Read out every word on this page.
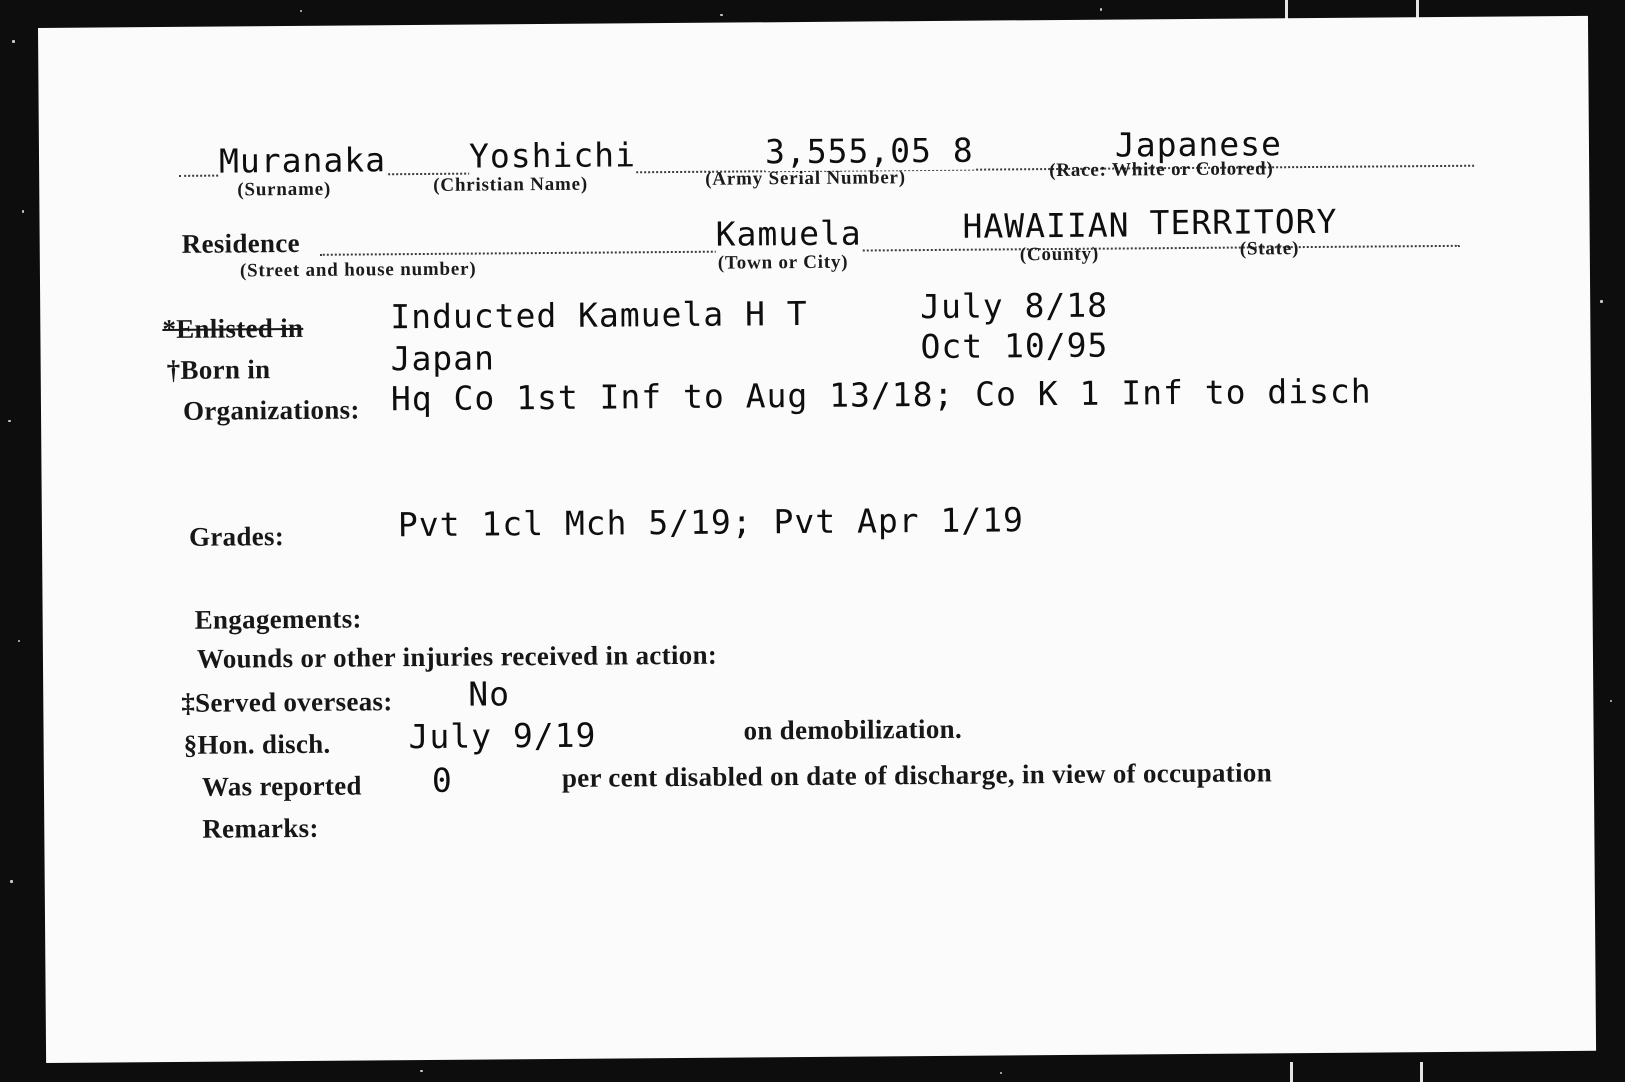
Muranaka
(Surname)
Yoshichi
(Christian Name)
3,555,05 8
(Army Serial Number)
Japanese
(Race: White or Colored)
Residence
(Street and house number)
Kamuela
(Town or City)
HAWAIIAN
(County)
TERRITORY
(State)
*Enlisted in	Inducted Kamuela H T	July 8/18
†Born in	Japan	Oct 10/95
Organizations: Hq Co 1st Inf to Aug 13/18; Co K 1 Inf to disch
Grades:	Pvt 1cl Mch 5/19; Pvt Apr 1/19
Engagements:
Wounds or other injuries received in action:
‡Served overseas: No
§Hon. disch. July 9/19	on demobilization.
Was reported 0	per cent disabled on date of discharge, in view of occupation
Remarks:
